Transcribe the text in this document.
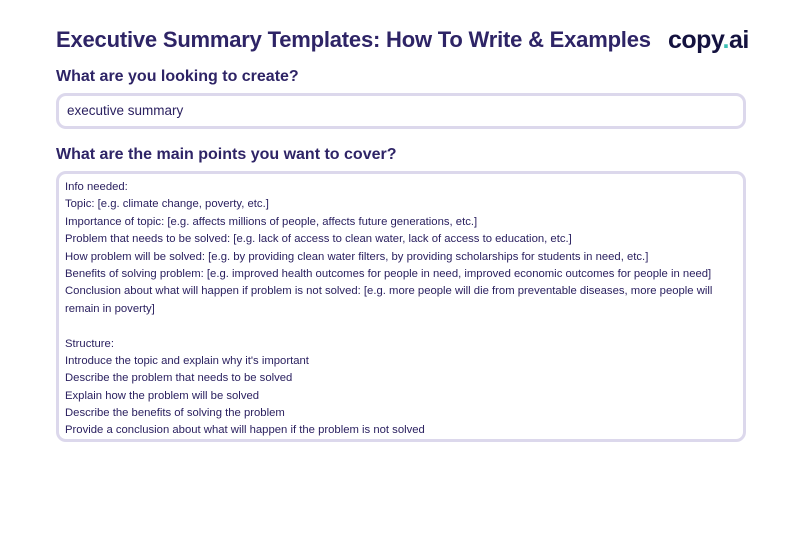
Executive Summary Templates: How To Write & Examples copy.ai
What are you looking to create?
executive summary
What are the main points you want to cover?
Info needed:
Topic: [e.g. climate change, poverty, etc.]
Importance of topic: [e.g. affects millions of people, affects future generations, etc.]
Problem that needs to be solved: [e.g. lack of access to clean water, lack of access to education, etc.]
How problem will be solved: [e.g. by providing clean water filters, by providing scholarships for students in need, etc.]
Benefits of solving problem: [e.g. improved health outcomes for people in need, improved economic outcomes for people in need]
Conclusion about what will happen if problem is not solved: [e.g. more people will die from preventable diseases, more people will
remain in poverty]
Structure:
Introduce the topic and explain why it's important
Describe the problem that needs to be solved
Explain how the problem will be solved
Describe the benefits of solving the problem
Provide a conclusion about what will happen if the problem is not solved
